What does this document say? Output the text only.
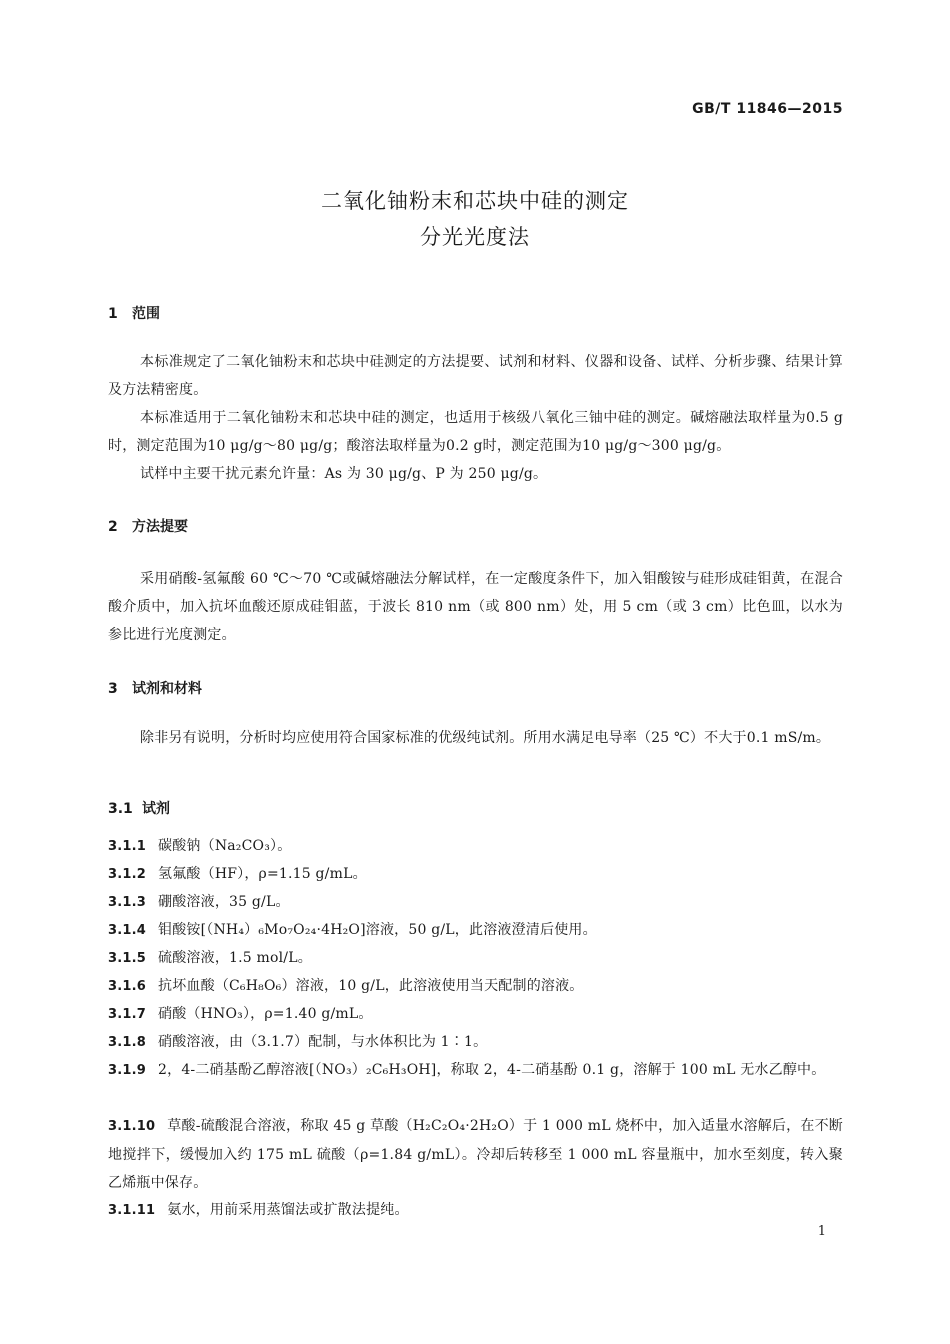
GB/T 11846—2015
二氧化铀粉末和芯块中硅的测定
分光光度法
1 范围
本标准规定了二氧化铀粉末和芯块中硅测定的方法提要、试剂和材料、仪器和设备、试样、分析步骤、结果计算及方法精密度。
本标准适用于二氧化铀粉末和芯块中硅的测定，也适用于核级八氧化三铀中硅的测定。碱熔融法取样量为0.5 g时，测定范围为10 μg/g～80 μg/g；酸溶法取样量为0.2 g时，测定范围为10 μg/g～300 μg/g。
试样中主要干扰元素允许量：As 为 30 μg/g、P 为 250 μg/g。
2 方法提要
采用硝酸-氢氟酸 60 ℃～70 ℃或碱熔融法分解试样，在一定酸度条件下，加入钼酸铵与硅形成硅钼黄，在混合酸介质中，加入抗坏血酸还原成硅钼蓝，于波长 810 nm（或 800 nm）处，用 5 cm（或 3 cm）比色皿，以水为参比进行光度测定。
3 试剂和材料
除非另有说明，分析时均应使用符合国家标准的优级纯试剂。所用水满足电导率（25 ℃）不大于0.1 mS/m。
3.1 试剂
3.1.1 碳酸钠（Na₂CO₃）。
3.1.2 氢氟酸（HF），ρ=1.15 g/mL。
3.1.3 硼酸溶液，35 g/L。
3.1.4 钼酸铵[（NH₄）₆Mo₇O₂₄·4H₂O]溶液，50 g/L，此溶液澄清后使用。
3.1.5 硫酸溶液，1.5 mol/L。
3.1.6 抗坏血酸（C₆H₈O₆）溶液，10 g/L，此溶液使用当天配制的溶液。
3.1.7 硝酸（HNO₃），ρ=1.40 g/mL。
3.1.8 硝酸溶液，由（3.1.7）配制，与水体积比为 1∶1。
3.1.9 2，4-二硝基酚乙醇溶液[（NO₃）₂C₆H₃OH]，称取 2，4-二硝基酚 0.1 g，溶解于 100 mL 无水乙醇中。
3.1.10 草酸-硫酸混合溶液，称取 45 g 草酸（H₂C₂O₄·2H₂O）于 1 000 mL 烧杯中，加入适量水溶解后，在不断地搅拌下，缓慢加入约 175 mL 硫酸（ρ=1.84 g/mL）。冷却后转移至 1 000 mL 容量瓶中，加水至刻度，转入聚乙烯瓶中保存。
3.1.11 氨水，用前采用蒸馏法或扩散法提纯。
1
